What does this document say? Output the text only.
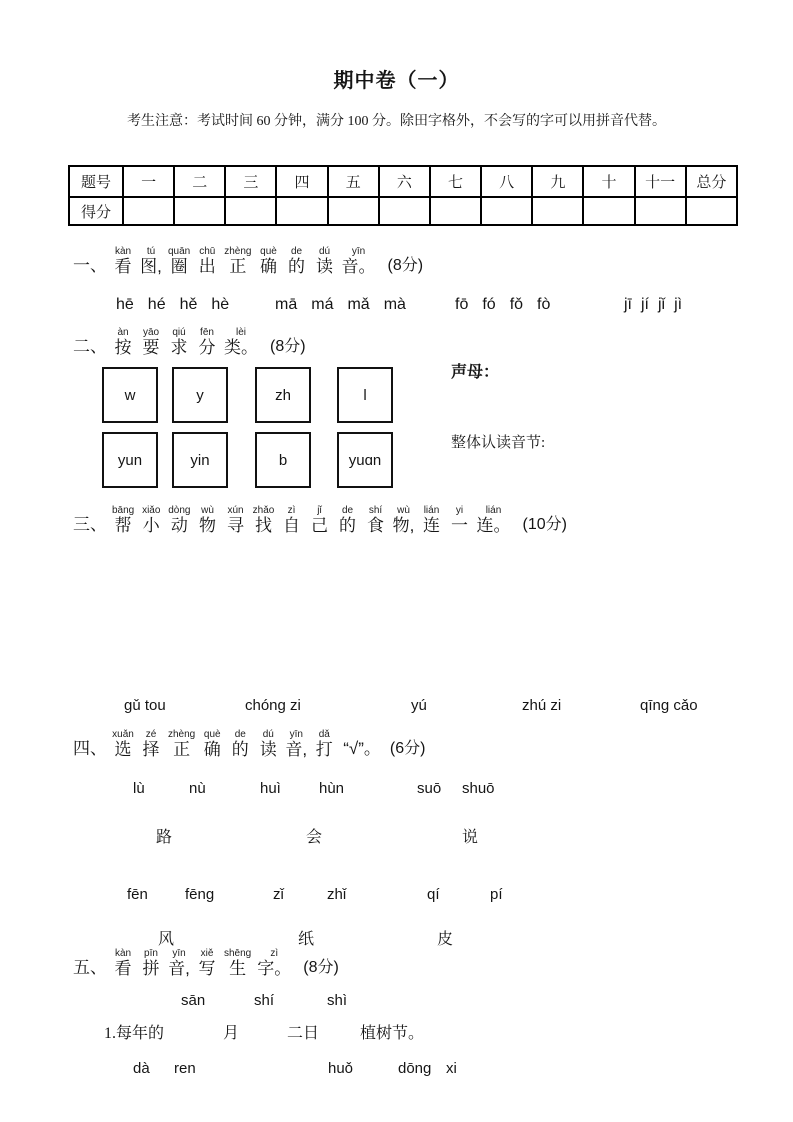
期中卷（一）
考生注意：考试时间 60 分钟，满分 100 分。除田字格外，不会写的字可以用拼音代替。
题号	一	二	三	四	五	六	七	八	九	十	十一	总分
得分												
一、
kàn
看
tú
图,
quān
圈
chū
出
zhèng
正
què
确
de
的
dú
读
yīn
音。 (8分)
hē hé hě hè	mā má mǎ mà	fō fó fǒ fò	jī jí jǐ jì
二、
àn
按
yāo
要
qiú
求
fēn
分
lèi
类。 (8分)
w	y	zh	l
yun	yin	b	yuɑn
声母：
整体认读音节:
三、
bāng
帮
xiǎo
小
dòng
动
wù
物
xún
寻
zhǎo
找
zì
自
jǐ
己
de
的
shí
食
wù
物,
lián
连
yi
一
lián
连。 (10分)
gǔ tou	chóng zi	yú	zhú zi	qīng cǎo
四、
xuǎn
选
zé
择
zhèng
正
què
确
de
的
dú
读
yīn
音,
dǎ
打 “√”。 (6分)
lù	nù	huì	hùn	suō shuō
路	会	说
fēn fēng	zǐ	zhǐ	qí	pí
风	纸	皮
五、
kàn
看
pīn
拼
yīn
音,
xiě
写
shēng
生
zì
字。 (8分)
sān	shí	shì
1.每年的	月	二日	植树节。
dà ren	huǒ	dōng xi
